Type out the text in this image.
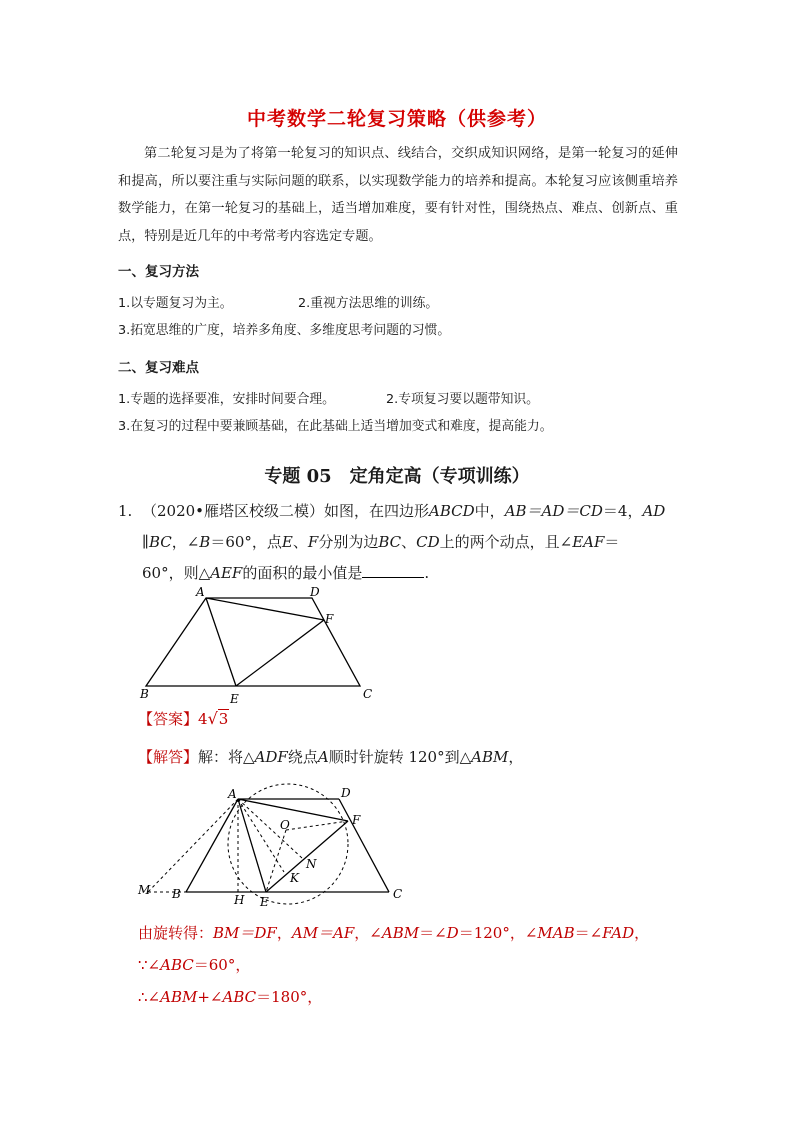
中考数学二轮复习策略（供参考）
第二轮复习是为了将第一轮复习的知识点、线结合，交织成知识网络，是第一轮复习的延伸和提高，所以要注重与实际问题的联系，以实现数学能力的培养和提高。本轮复习应该侧重培养数学能力，在第一轮复习的基础上，适当增加难度，要有针对性，围绕热点、难点、创新点、重点，特别是近几年的中考常考内容选定专题。
一、复习方法
1.以专题复习为主。	2.重视方法思维的训练。
3.拓宽思维的广度，培养多角度、多维度思考问题的习惯。
二、复习难点
1.专题的选择要准，安排时间要合理。	2.专项复习要以题带知识。
3.在复习的过程中要兼顾基础，在此基础上适当增加变式和难度，提高能力。
专题 05　定角定高（专项训练）
1. （2020•雁塔区校级二模）如图，在四边形ABCD中，AB＝AD＝CD＝4，AD
∥BC，∠B＝60°，点E、F分别为边BC、CD上的两个动点，且∠EAF＝
60°，则△AEF的面积的最小值是	.
A	D
F
B	E	C
【答案】4√3
【解答】解：将△ADF绕点A顺时针旋转 120°到△ABM，
A	D
O	F
N
K
M B	H E
C
由旋转得：BM＝DF，AM＝AF，∠ABM＝∠D＝120°，∠MAB＝∠FAD，
∵∠ABC＝60°，
∴∠ABM+∠ABC＝180°，
